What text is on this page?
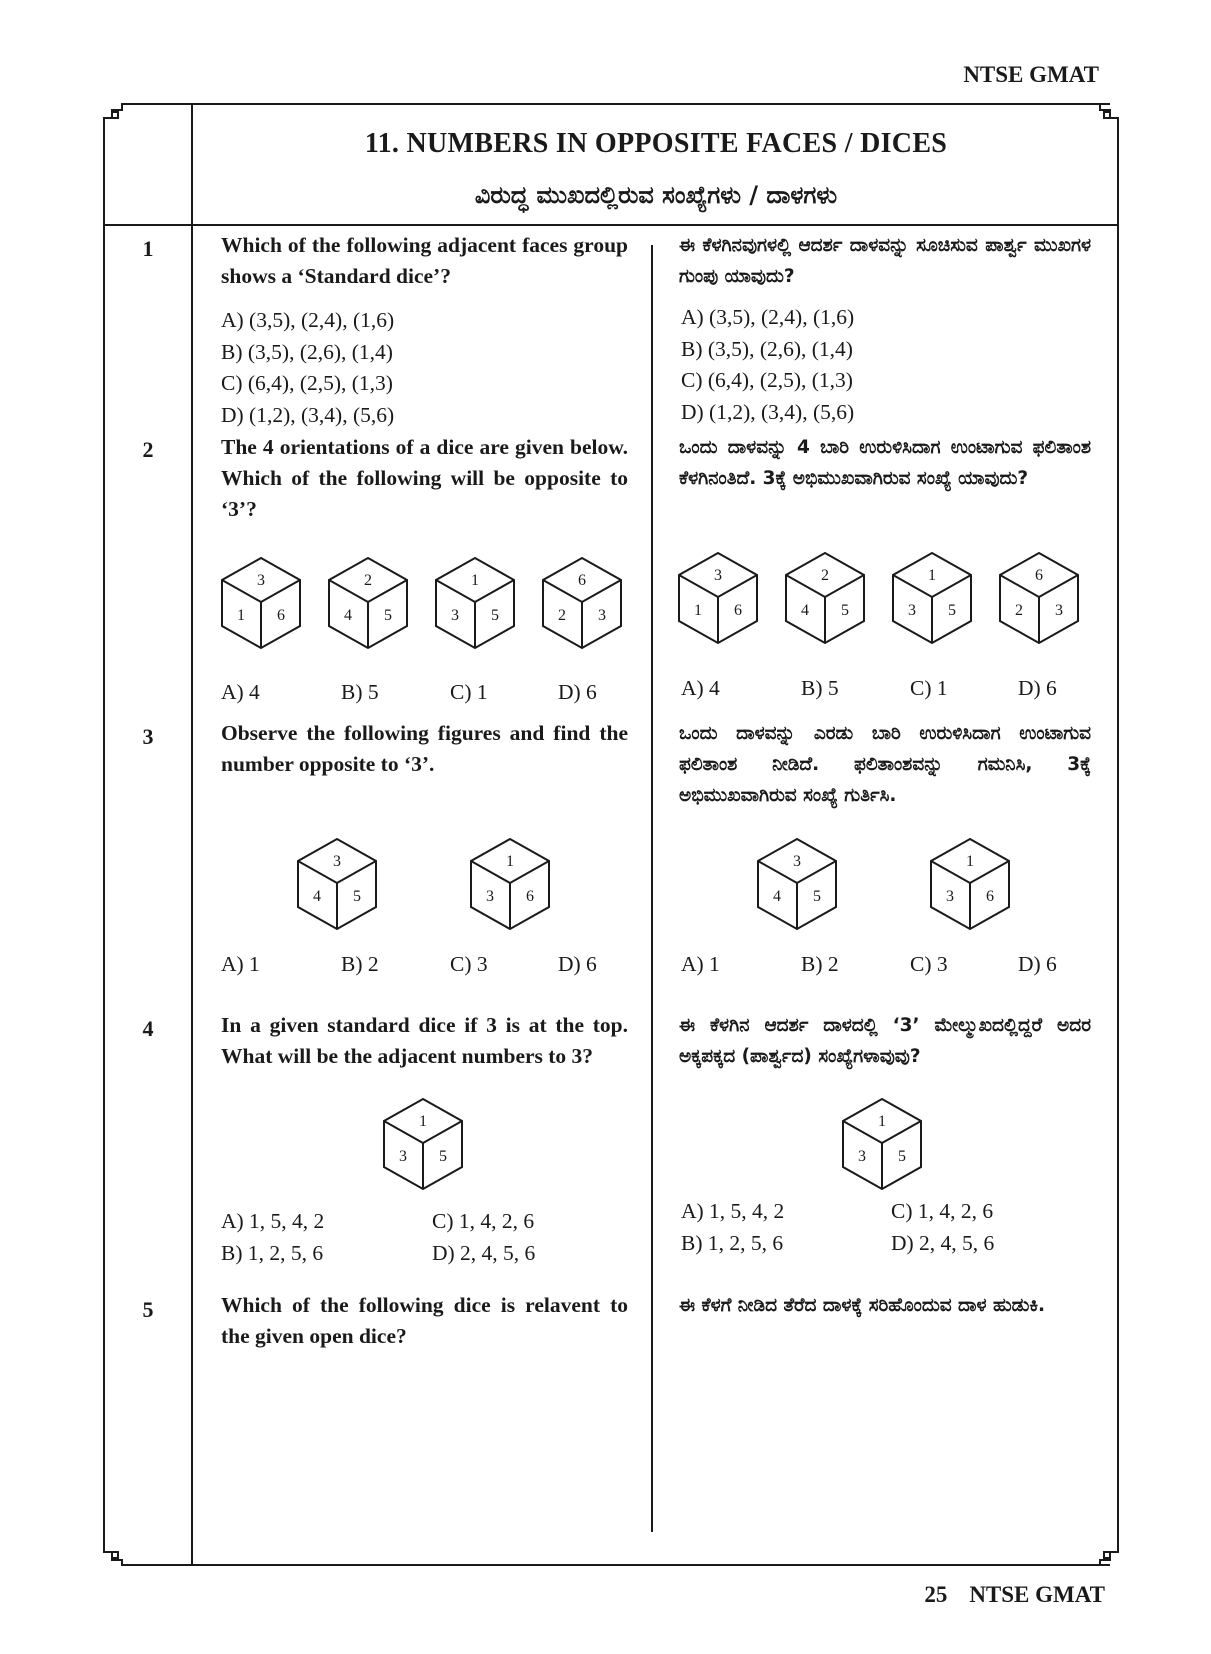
NTSE GMAT
11. NUMBERS IN OPPOSITE FACES / DICES
ವಿರುದ್ಧ ಮುಖದಲ್ಲಿರುವ ಸಂಖ್ಯೆಗಳು / ದಾಳಗಳು
1	Which of the following adjacent faces group shows a ‘Standard dice’?
ಈ ಕೆಳಗಿನವುಗಳಲ್ಲಿ ಆದರ್ಶ ದಾಳವನ್ನು ಸೂಚಿಸುವ ಪಾರ್ಶ್ವ ಮುಖಗಳ ಗುಂಪು ಯಾವುದು?
A) (3,5), (2,4), (1,6)
B) (3,5), (2,6), (1,4)
C) (6,4), (2,5), (1,3)
D) (1,2), (3,4), (5,6)
A) (3,5), (2,4), (1,6)
B) (3,5), (2,6), (1,4)
C) (6,4), (2,5), (1,3)
D) (1,2), (3,4), (5,6)
2	The 4 orientations of a dice are given below. Which of the following will be opposite to ‘3’?
ಒಂದು ದಾಳವನ್ನು 4 ಬಾರಿ ಉರುಳಿಸಿದಾಗ ಉಂಟಾಗುವ ಫಲಿತಾಂಶ ಕೆಳಗಿನಂತಿದೆ. 3ಕ್ಕೆ ಅಭಿಮುಖವಾಗಿರುವ ಸಂಖ್ಯೆ ಯಾವುದು?
3
1 6
2
4 5
1
3 5
6
2 3
3
1 6
2
4 5
1
3 5
6
2 3
A) 4	B) 5	C) 1	D) 6	A) 4	B) 5	C) 1	D) 6
3	Observe the following figures and find the number opposite to ‘3’.
ಒಂದು ದಾಳವನ್ನು ಎರಡು ಬಾರಿ ಉರುಳಿಸಿದಾಗ ಉಂಟಾಗುವ ಫಲಿತಾಂಶ ನೀಡಿದೆ. ಫಲಿತಾಂಶವನ್ನು ಗಮನಿಸಿ, 3ಕ್ಕೆ ಅಭಿಮುಖವಾಗಿರುವ ಸಂಖ್ಯೆ ಗುರ್ತಿಸಿ.
3
4 5
1
3 6
3
4 5
1
3 6
A) 1	B) 2	C) 3	D) 6	A) 1	B) 2	C) 3	D) 6
4	In a given standard dice if 3 is at the top. What will be the adjacent numbers to 3?
ಈ ಕೆಳಗಿನ ಆದರ್ಶ ದಾಳದಲ್ಲಿ ‘3’ ಮೇಲ್ಮುಖದಲ್ಲಿದ್ದರೆ ಅದರ ಅಕ್ಕಪಕ್ಕದ (ಪಾರ್ಶ್ವದ) ಸಂಖ್ಯೆಗಳಾವುವು?
1
3 5
1
3 5
A) 1, 5, 4, 2
B) 1, 2, 5, 6
C) 1, 4, 2, 6
D) 2, 4, 5, 6
A) 1, 5, 4, 2
B) 1, 2, 5, 6
C) 1, 4, 2, 6
D) 2, 4, 5, 6
5	Which of the following dice is relavent to the given open dice?
ಈ ಕೆಳಗೆ ನೀಡಿದ ತೆರೆದ ದಾಳಕ್ಕೆ ಸರಿಹೊಂದುವ ದಾಳ ಹುಡುಕಿ.
25 NTSE GMAT
